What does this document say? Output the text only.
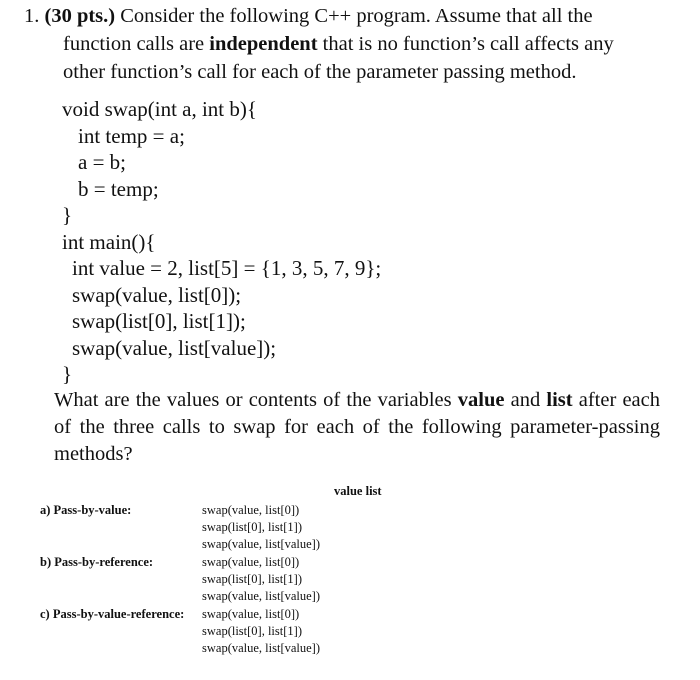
1. (30 pts.) Consider the following C++ program. Assume that all the
function calls are independent that is no function’s call affects any
other function’s call for each of the parameter passing method.
void swap(int a, int b){
int temp = a;
a = b;
b = temp;
}
int main(){
int value = 2, list[5] = {1, 3, 5, 7, 9};
swap(value, list[0]);
swap(list[0], list[1]);
swap(value, list[value]);
}
What are the values or contents of the variables value and list after each of the three calls to swap for each of the following parameter-passing methods?
value list
a) Pass-by-value:	swap(value, list[0])
swap(list[0], list[1])
swap(value, list[value])
b) Pass-by-reference:	swap(value, list[0])
swap(list[0], list[1])
swap(value, list[value])
c) Pass-by-value-reference: swap(value, list[0])
swap(list[0], list[1])
swap(value, list[value])
